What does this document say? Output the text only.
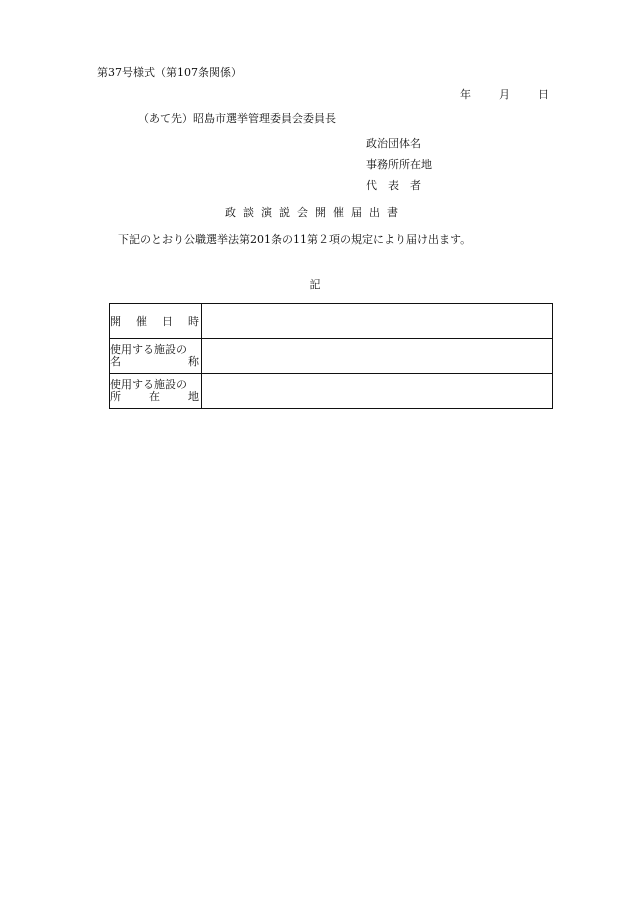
第37号様式（第107条関係）
年	月	日
（あて先）昭島市選挙管理委員会委員長
政治団体名
事務所所在地
代　表　者
政談演説会開催届出書
下記のとおり公職選挙法第201条の11第２項の規定により届け出ます。
記
開 催 日 時	

使用する施設の
名 称	

使用する施設の
所 在 地	
